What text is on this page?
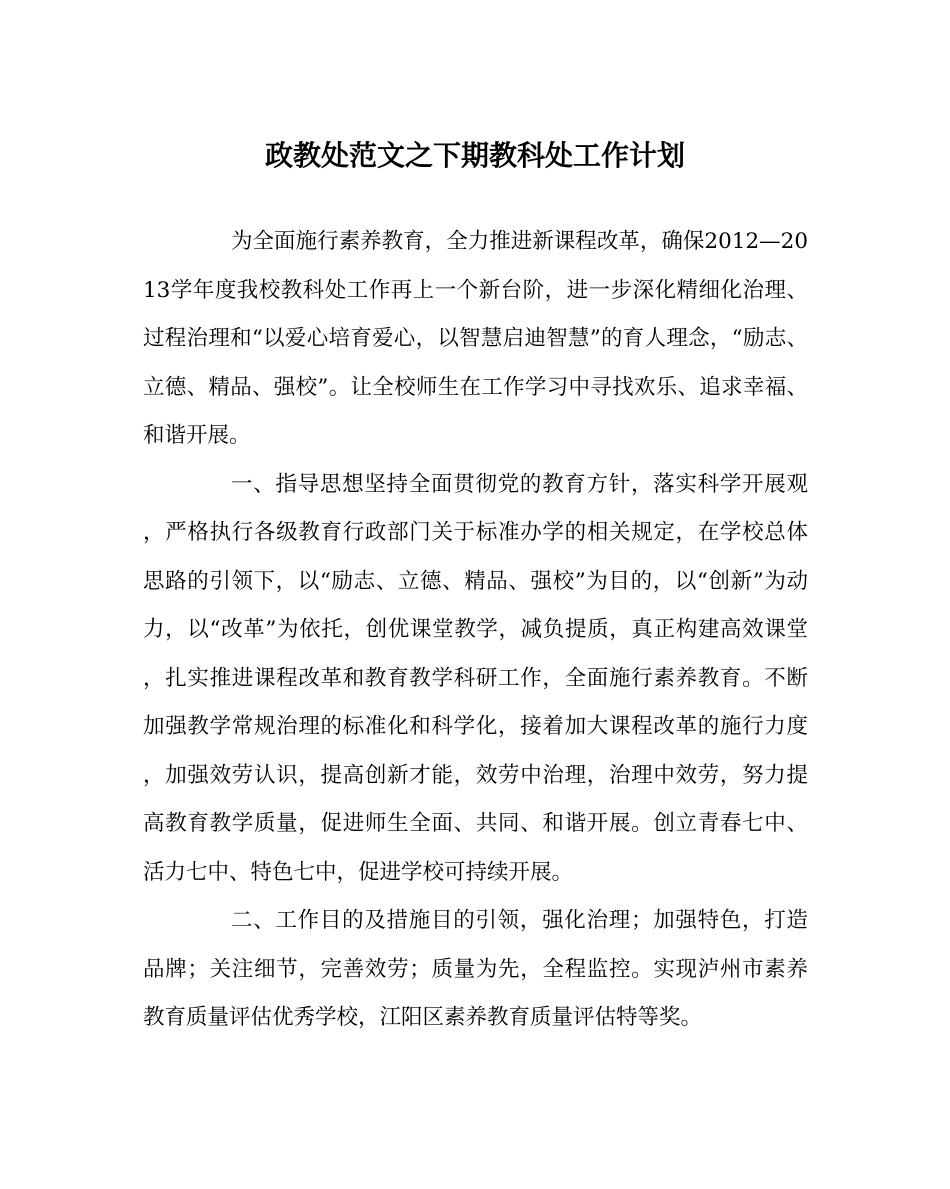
政教处范文之下期教科处工作计划

为全面施行素养教育，全力推进新课程改革，确保2012—2013学年度我校教科处工作再上一个新台阶，进一步深化精细化治理、过程治理和“以爱心培育爱心，以智慧启迪智慧”的育人理念，“励志、立德、精品、强校”。让全校师生在工作学习中寻找欢乐、追求幸福、和谐开展。

一、指导思想坚持全面贯彻党的教育方针，落实科学开展观，严格执行各级教育行政部门关于标准办学的相关规定，在学校总体思路的引领下，以“励志、立德、精品、强校”为目的，以“创新”为动力，以“改革”为依托，创优课堂教学，减负提质，真正构建高效课堂，扎实推进课程改革和教育教学科研工作，全面施行素养教育。不断加强教学常规治理的标准化和科学化，接着加大课程改革的施行力度，加强效劳认识，提高创新才能，效劳中治理，治理中效劳，努力提高教育教学质量，促进师生全面、共同、和谐开展。创立青春七中、活力七中、特色七中，促进学校可持续开展。

二、工作目的及措施目的引领，强化治理；加强特色，打造品牌；关注细节，完善效劳；质量为先，全程监控。实现泸州市素养教育质量评估优秀学校，江阳区素养教育质量评估特等奖。
